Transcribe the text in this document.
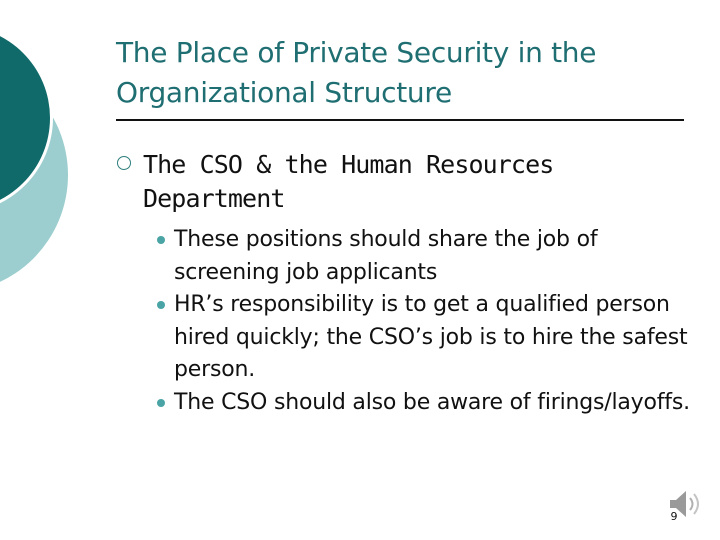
The Place of Private Security in the Organizational Structure
The CSO & the Human Resources Department
These positions should share the job of screening job applicants
HR’s responsibility is to get a qualified person hired quickly; the CSO’s job is to hire the safest person.
The CSO should also be aware of firings/layoffs.
9
